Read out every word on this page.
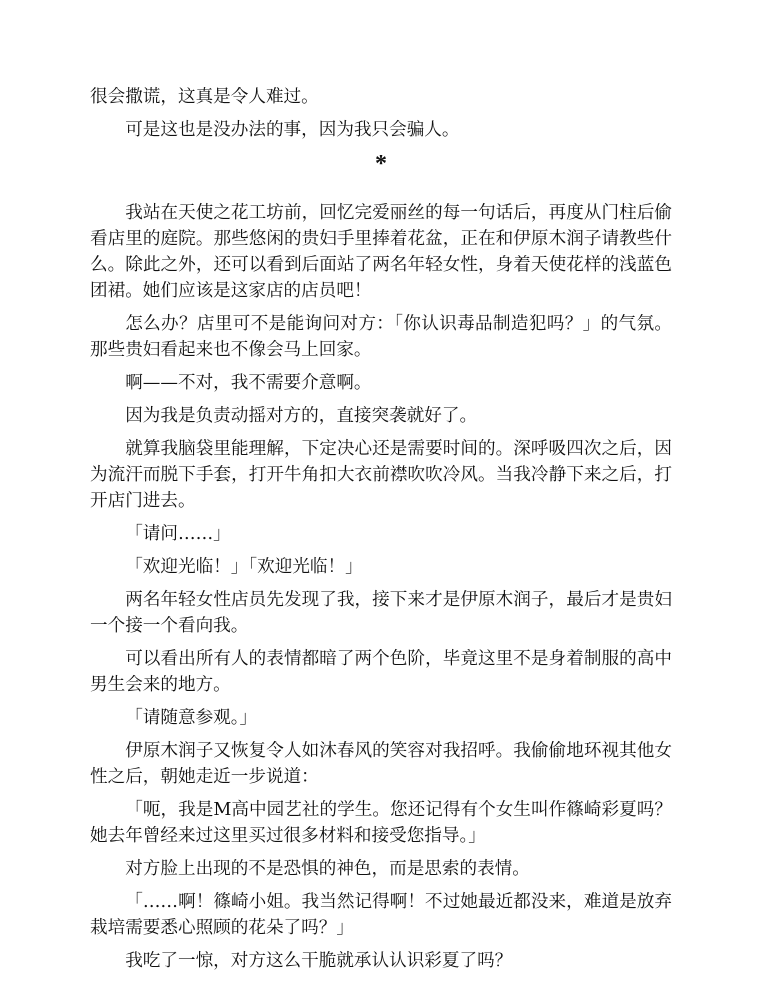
很会撒谎，这真是令人难过。

可是这也是没办法的事，因为我只会骗人。

*

我站在天使之花工坊前，回忆完爱丽丝的每一句话后，再度从门柱后偷看店里的庭院。那些悠闲的贵妇手里捧着花盆，正在和伊原木润子请教些什么。除此之外，还可以看到后面站了两名年轻女性，身着天使花样的浅蓝色团裙。她们应该是这家店的店员吧！

怎么办？店里可不是能询问对方：「你认识毒品制造犯吗？」的气氛。那些贵妇看起来也不像会马上回家。

啊——不对，我不需要介意啊。

因为我是负责动摇对方的，直接突袭就好了。

就算我脑袋里能理解，下定决心还是需要时间的。深呼吸四次之后，因为流汗而脱下手套，打开牛角扣大衣前襟吹吹冷风。当我冷静下来之后，打开店门进去。

「请问……」

「欢迎光临！」「欢迎光临！」

两名年轻女性店员先发现了我，接下来才是伊原木润子，最后才是贵妇一个接一个看向我。

可以看出所有人的表情都暗了两个色阶，毕竟这里不是身着制服的高中男生会来的地方。

「请随意参观。」

伊原木润子又恢复令人如沐春风的笑容对我招呼。我偷偷地环视其他女性之后，朝她走近一步说道：

「呃，我是M高中园艺社的学生。您还记得有个女生叫作篠崎彩夏吗？她去年曾经来过这里买过很多材料和接受您指导。」

对方脸上出现的不是恐惧的神色，而是思索的表情。

「……啊！篠崎小姐。我当然记得啊！不过她最近都没来，难道是放弃栽培需要悉心照顾的花朵了吗？」

我吃了一惊，对方这么干脆就承认认识彩夏了吗？
